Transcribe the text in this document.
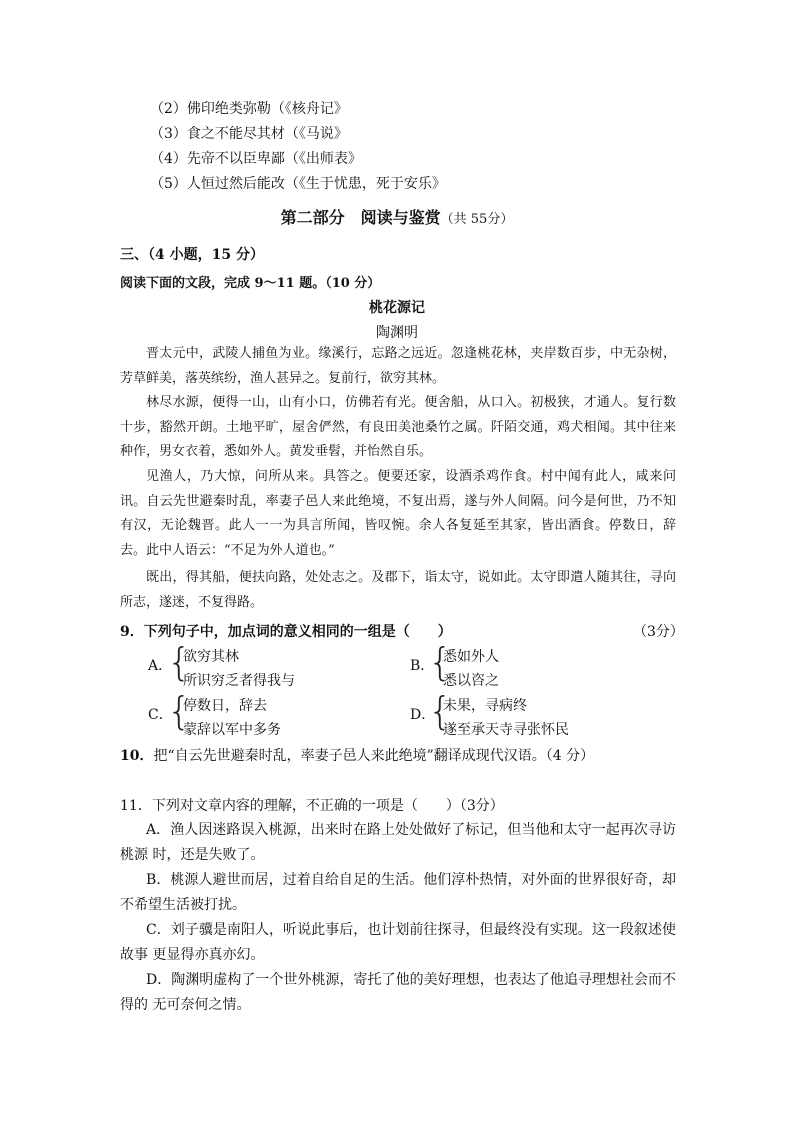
（2）佛印绝类弥勒（《核舟记》
（3）食之不能尽其材（《马说》
（4）先帝不以臣卑鄙（《出师表》
（5）人恒过然后能改（《生于忧患，死于安乐》
第二部分　阅读与鉴赏（共 55分）
三、（4 小题，15 分）
阅读下面的文段，完成 9～11 题。（10 分）
桃花源记
陶渊明
晋太元中，武陵人捕鱼为业。缘溪行，忘路之远近。忽逢桃花林，夹岸数百步，中无杂树，芳草鲜美，落英缤纷，渔人甚异之。复前行，欲穷其林。
林尽水源，便得一山，山有小口，仿佛若有光。便舍船，从口入。初极狭，才通人。复行数十步，豁然开朗。土地平旷，屋舍俨然，有良田美池桑竹之属。阡陌交通，鸡犬相闻。其中往来种作，男女衣着，悉如外人。黄发垂髫，并怡然自乐。
见渔人，乃大惊，问所从来。具答之。便要还家，设酒杀鸡作食。村中闻有此人，咸来问讯。自云先世避秦时乱，率妻子邑人来此绝境，不复出焉，遂与外人间隔。问今是何世，乃不知有汉，无论魏晋。此人一一为具言所闻，皆叹惋。余人各复延至其家，皆出酒食。停数日，辞去。此中人语云：“不足为外人道也。”
既出，得其船，便扶向路，处处志之。及郡下，诣太守，说如此。太守即遣人随其往，寻向所志，遂迷，不复得路。
9．下列句子中，加点词的意义相同的一组是（　　）	（3分）
A．
{
欲穷其林
所识穷乏者得我与
B．
{
悉如外人
悉以咨之
C．
{
停数日，辞去
蒙辞以军中多务
D．
{
未果，寻病终
遂至承天寺寻张怀民
10．把“自云先世避秦时乱，率妻子邑人来此绝境”翻译成现代汉语。（4 分）
11．下列对文章内容的理解，不正确的一项是（　　）（3分）
A．渔人因迷路误入桃源，出来时在路上处处做好了标记，但当他和太守一起再次寻访桃源 时，还是失败了。
B．桃源人避世而居，过着自给自足的生活。他们淳朴热情，对外面的世界很好奇，却不希望生活被打扰。
C．刘子骥是南阳人，听说此事后，也计划前往探寻，但最终没有实现。这一段叙述使故事 更显得亦真亦幻。
D．陶渊明虚构了一个世外桃源，寄托了他的美好理想，也表达了他追寻理想社会而不得的 无可奈何之情。
